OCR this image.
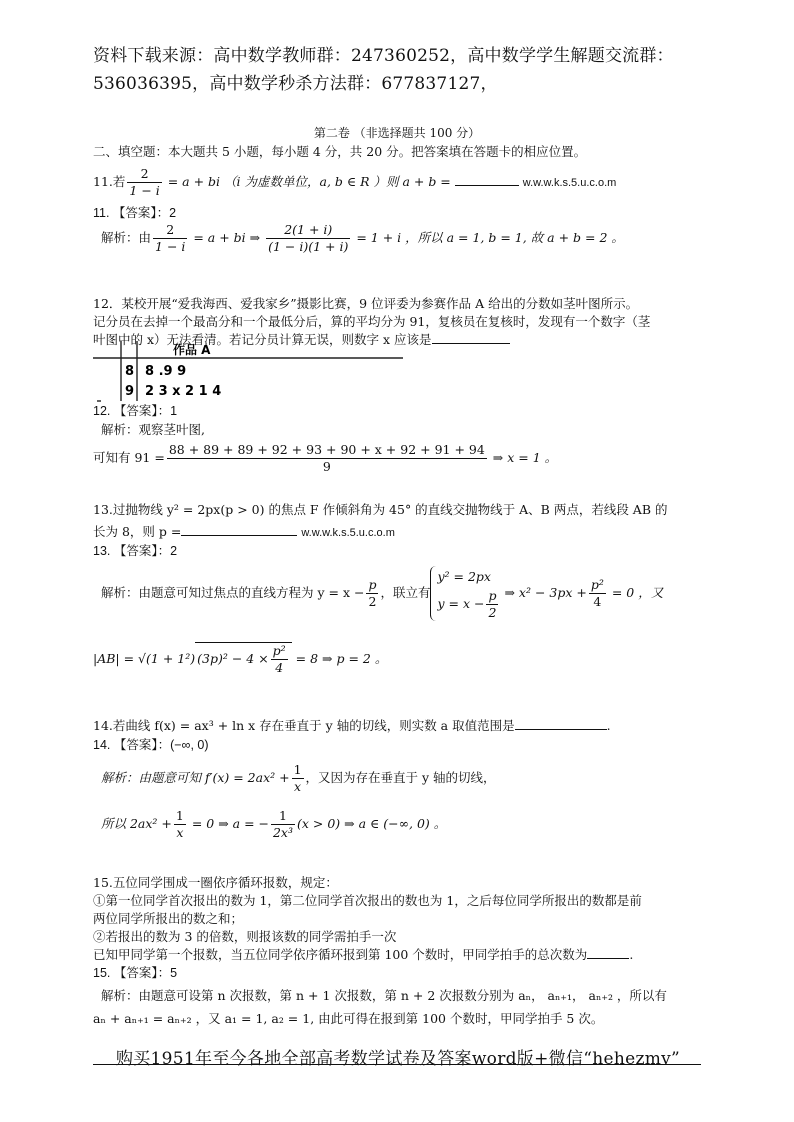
资料下载来源：高中数学教师群：247360252，高中数学学生解题交流群：
536036395，高中数学秒杀方法群：677837127，
第二卷 （非选择题共 100 分）
二、填空题：本大题共 5 小题，每小题 4 分，共 20 分。把答案填在答题卡的相应位置。
11.若 $\frac{2}{1 - i} = a$ + bi （i 为虚数单位，a, b ∈ R ）则 a + b =	w.w.w.k.s.5.u.c.o.m
11. 【答案】：2
解析：由 $\frac{2}{1 - i} = a$ + bi ⇒ $\frac{2(1 + i)}{(1 - i)(1 + i)} = 1 + i$ ，所以 a = 1, b = 1, 故 a + b = 2 。
12．某校开展“爱我海西、爱我家乡”摄影比赛，9 位评委为参赛作品 A 给出的分数如茎叶图所示。
记分员在去掉一个最高分和一个最低分后，算的平均分为 91，复核员在复核时，发现有一个数字（茎
叶图中的 x）无法看清。若记分员计算无误，则数字 x 应该是
作品 A
8 8 .9 9
9 2 3 x 2 1 4
12. 【答案】：1
解析：观察茎叶图,
可知有 $91 = \frac{88 + 89 + 89 + 92 + 93 + 90 + x + 92 + 91 + 94}{9}$ ⇒ x = 1 。
13.过抛物线 y² = 2px(p > 0) 的焦点 F 作倾斜角为 45° 的直线交抛物线于 A、B 两点，若线段 AB 的
长为 8，则 p =	w.w.w.k.s.5.u.c.o.m
13. 【答案】：2
解析：由题意可知过焦点的直线方程为 $y = x - \frac{p}{2}$ ，联立有
y² = 2px
$y = x - \frac{p}{2}$ ⇒ $x^2 - 3px + \frac{\text{p²}}{4} = 0$ ，又
|AB| = √(1 + 1²) $(3p)^2 - 4 \times \frac{\text{p²}}{4} = 8$ ⇒ p = 2 。
14.若曲线 f(x) = ax³ + ln x 存在垂直于 y 轴的切线，则实数 a 取值范围是	.
14. 【答案】：(−∞, 0)
解析：由题意可知 $f'(x) = 2ax^2 + \frac{1}{x}$ ，又因为存在垂直于 y 轴的切线，
所以 $2ax^2 + \frac{1}{x} = 0$ ⇒ a = − $\frac{1}{\text{2x³}} (x > 0)$ ⇒ a ∈ (−∞, 0) 。
15.五位同学围成一圈依序循环报数，规定：
①第一位同学首次报出的数为 1，第二位同学首次报出的数也为 1，之后每位同学所报出的数都是前
两位同学所报出的数之和；
②若报出的数为 3 的倍数，则报该数的同学需拍手一次
已知甲同学第一个报数，当五位同学依序循环报到第 100 个数时，甲同学拍手的总次数为	.
15. 【答案】：5
解析：由题意可设第 n 次报数，第 n + 1 次报数，第 n + 2 次报数分别为 aₙ， aₙ₊₁， aₙ₊₂ ，所以有
aₙ + aₙ₊₁ = aₙ₊₂ ，又 a₁ = 1, a₂ = 1, 由此可得在报到第 100 个数时，甲同学拍手 5 次。
购买1951年至今各地全部高考数学试卷及答案word版+微信“hehezmv”
